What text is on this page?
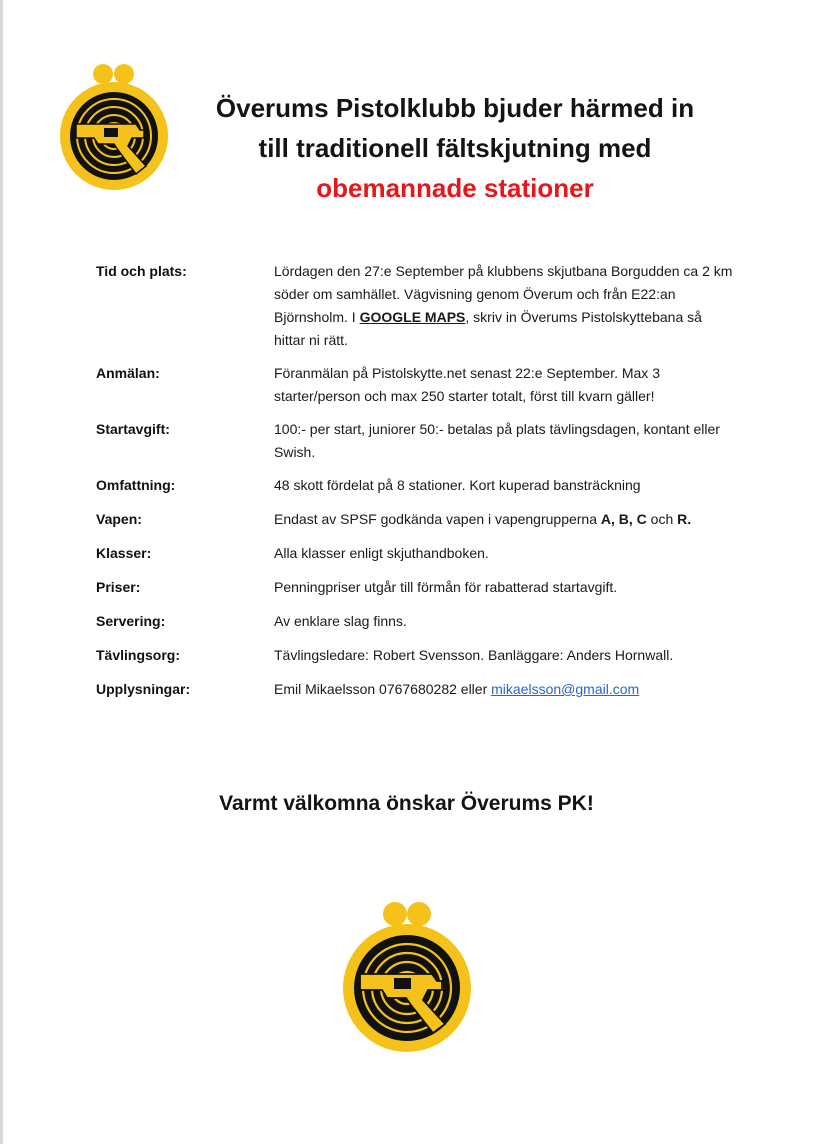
Överums Pistolklubb bjuder härmed in
till traditionell fältskjutning med
obemannade stationer
Tid och plats:	Lördagen den 27:e September på klubbens skjutbana Borgudden ca 2 km söder om samhället. Vägvisning genom Överum och från E22:an Björnsholm. I GOOGLE MAPS, skriv in Överums Pistolskyttebana så hittar ni rätt.
Anmälan:	Föranmälan på Pistolskytte.net senast 22:e September. Max 3 starter/person och max 250 starter totalt, först till kvarn gäller!
Startavgift:	100:- per start, juniorer 50:- betalas på plats tävlingsdagen, kontant eller Swish.
Omfattning:	48 skott fördelat på 8 stationer. Kort kuperad bansträckning
Vapen:	Endast av SPSF godkända vapen i vapengrupperna A, B, C och R.
Klasser:	Alla klasser enligt skjuthandboken.
Priser:	Penningpriser utgår till förmån för rabatterad startavgift.
Servering:	Av enklare slag finns.
Tävlingsorg:	Tävlingsledare: Robert Svensson. Banläggare: Anders Hornwall.
Upplysningar:	Emil Mikaelsson 0767680282 eller mikaelsson@gmail.com
Varmt välkomna önskar Överums PK!
